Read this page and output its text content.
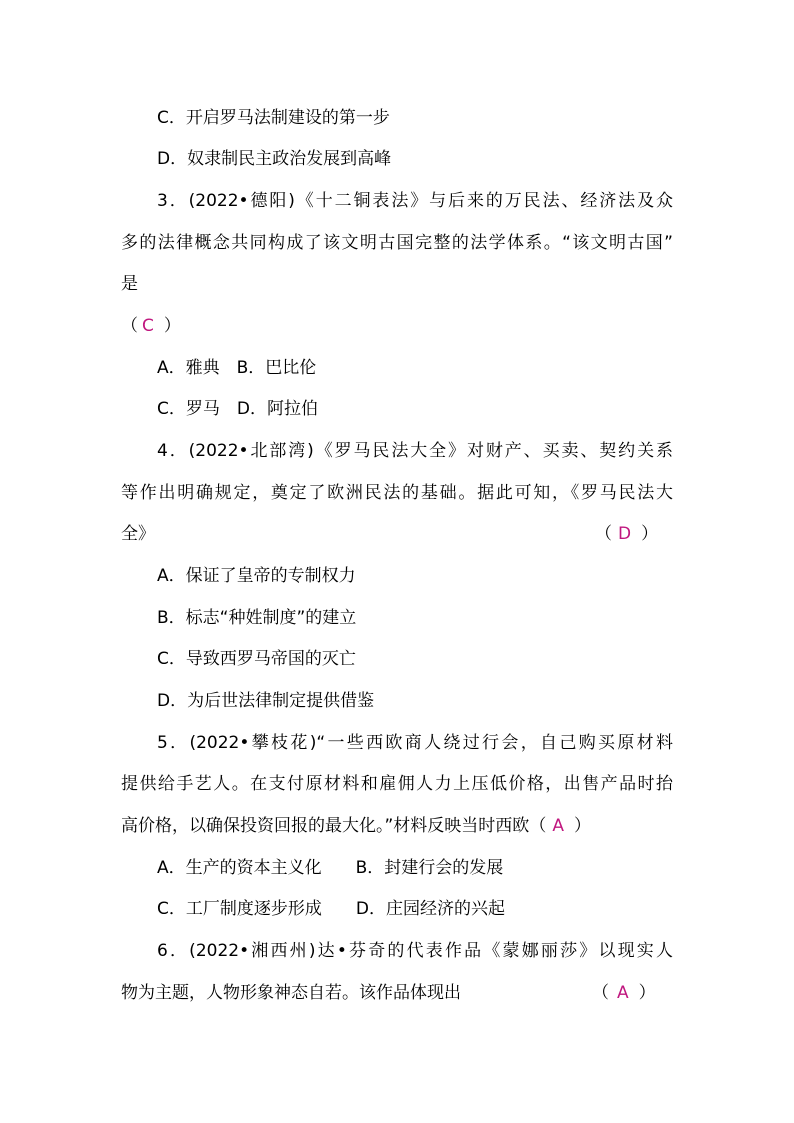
C．开启罗马法制建设的第一步
D．奴隶制民主政治发展到高峰
3．(2022•德阳)《十二铜表法》与后来的万民法、经济法及众
多的法律概念共同构成了该文明古国完整的法学体系。“该文明古国”
是
（ C ）
A．雅典　B．巴比伦
C．罗马　D．阿拉伯
4．(2022•北部湾)《罗马民法大全》对财产、买卖、契约关系
等作出明确规定，奠定了欧洲民法的基础。据此可知，《罗马民法大
全》	（ D ）
A．保证了皇帝的专制权力
B．标志“种姓制度”的建立
C．导致西罗马帝国的灭亡
D．为后世法律制定提供借鉴
5．(2022•攀枝花)“一些西欧商人绕过行会，自己购买原材料
提供给手艺人。在支付原材料和雇佣人力上压低价格，出售产品时抬
高价格，以确保投资回报的最大化。”材料反映当时西欧（ A ）
A．生产的资本主义化　　B．封建行会的发展
C．工厂制度逐步形成　　D．庄园经济的兴起
6．(2022•湘西州)达•芬奇的代表作品《蒙娜丽莎》以现实人
物为主题，人物形象神态自若。该作品体现出	（ A ）
